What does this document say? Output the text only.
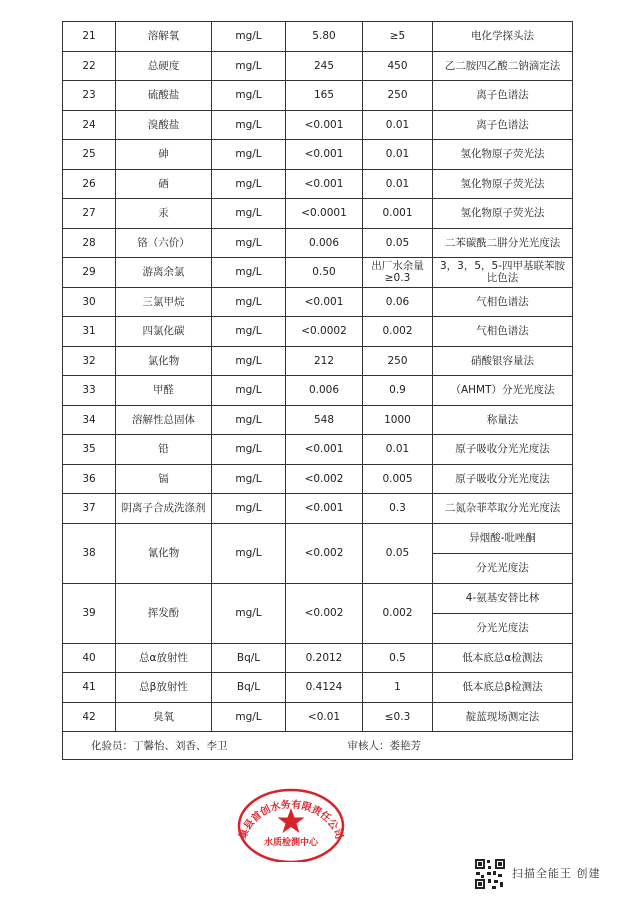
21	溶解氧	mg/L	5.80	≥5	电化学探头法
22	总硬度	mg/L	245	450	乙二胺四乙酸二钠滴定法
23	硫酸盐	mg/L	165	250	离子色谱法
24	溴酸盐	mg/L	<0.001	0.01	离子色谱法
25	砷	mg/L	<0.001	0.01	氢化物原子荧光法
26	硒	mg/L	<0.001	0.01	氢化物原子荧光法
27	汞	mg/L	<0.0001	0.001	氢化物原子荧光法
28	铬（六价）	mg/L	0.006	0.05	二苯碳酰二肼分光光度法
29	游离余氯	mg/L	0.50	出厂水余量≥0.3	3，3，5，5-四甲基联苯胺比色法
30	三氯甲烷	mg/L	<0.001	0.06	气相色谱法
31	四氯化碳	mg/L	<0.0002	0.002	气相色谱法
32	氯化物	mg/L	212	250	硝酸银容量法
33	甲醛	mg/L	0.006	0.9	（AHMT）分光光度法
34	溶解性总固体	mg/L	548	1000	称量法
35	铅	mg/L	<0.001	0.01	原子吸收分光光度法
36	镉	mg/L	<0.002	0.005	原子吸收分光光度法
37	阴离子合成洗涤剂	mg/L	<0.001	0.3	二氮杂菲萃取分光光度法
38	氰化物	mg/L	<0.002	0.05	异烟酸-吡唑酮
					分光光度法
39	挥发酚	mg/L	<0.002	0.002	4-氨基安替比林
					分光光度法
40	总α放射性	Bq/L	0.2012	0.5	低本底总α检测法
41	总β放射性	Bq/L	0.4124	1	低本底总β检测法
42	臭氧	mg/L	<0.01	≤0.3	靛蓝现场测定法
化验员：丁馨怡、刘香、李卫 审核人：娄艳芳					
巢县首创水务有限责任公司
水质检测中心
扫描全能王 创建
